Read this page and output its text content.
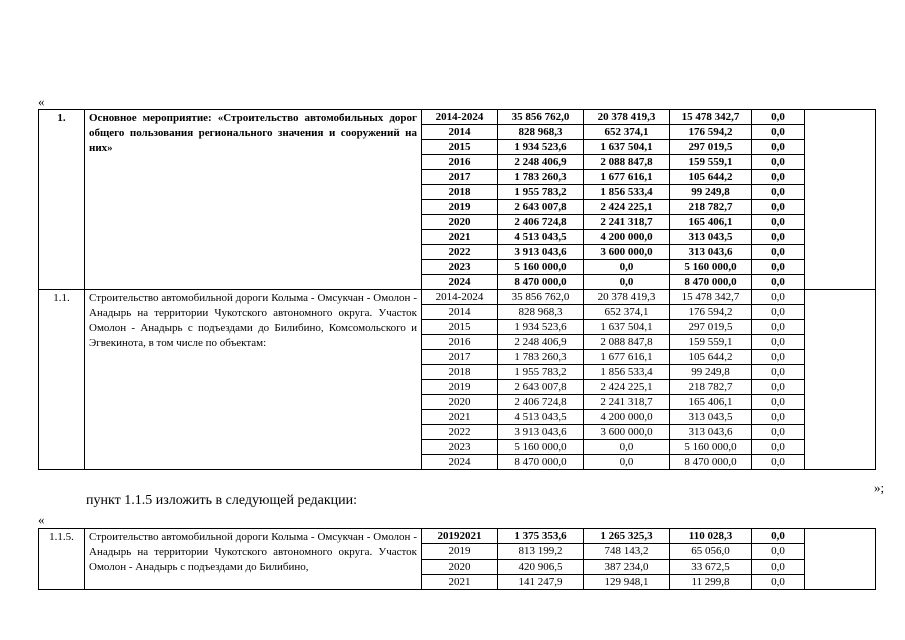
«
1.	Основное мероприятие: «Строительство автомобильных дорог общего пользования регионального значения и сооружений на них»	2014-2024	35 856 762,0	20 378 419,3	15 478 342,7	0,0		
		2014	828 968,3	652 374,1	176 594,2	0,0		
		2015	1 934 523,6	1 637 504,1	297 019,5	0,0		
		2016	2 248 406,9	2 088 847,8	159 559,1	0,0		
		2017	1 783 260,3	1 677 616,1	105 644,2	0,0		
		2018	1 955 783,2	1 856 533,4	99 249,8	0,0		
		2019	2 643 007,8	2 424 225,1	218 782,7	0,0		
		2020	2 406 724,8	2 241 318,7	165 406,1	0,0		
		2021	4 513 043,5	4 200 000,0	313 043,5	0,0		
		2022	3 913 043,6	3 600 000,0	313 043,6	0,0		
		2023	5 160 000,0	0,0	5 160 000,0	0,0		
		2024	8 470 000,0	0,0	8 470 000,0	0,0		
1.1.	Строительство автомобильной дороги Колыма - Омсукчан - Омолон - Анадырь на территории Чукотского автономного округа. Участок Омолон - Анадырь с подъездами до Билибино, Комсомольского и Эгвекинота, в том числе по объектам:	2014-2024	35 856 762,0	20 378 419,3	15 478 342,7	0,0		
		2014	828 968,3	652 374,1	176 594,2	0,0		
		2015	1 934 523,6	1 637 504,1	297 019,5	0,0		
		2016	2 248 406,9	2 088 847,8	159 559,1	0,0		
		2017	1 783 260,3	1 677 616,1	105 644,2	0,0		
		2018	1 955 783,2	1 856 533,4	99 249,8	0,0		
		2019	2 643 007,8	2 424 225,1	218 782,7	0,0		
		2020	2 406 724,8	2 241 318,7	165 406,1	0,0		
		2021	4 513 043,5	4 200 000,0	313 043,5	0,0		
		2022	3 913 043,6	3 600 000,0	313 043,6	0,0		
		2023	5 160 000,0	0,0	5 160 000,0	0,0		
		2024	8 470 000,0	0,0	8 470 000,0	0,0		
»;
пункт 1.1.5 изложить в следующей редакции:
«
1.1.5.	Строительство автомобильной дороги Колыма - Омсукчан - Омолон - Анадырь на территории Чукотского автономного округа. Участок Омолон - Анадырь с подъездами до Билибино,	20192021	1 375 353,6	1 265 325,3	110 028,3	0,0		
		2019	813 199,2	748 143,2	65 056,0	0,0		
		2020	420 906,5	387 234,0	33 672,5	0,0		
		2021	141 247,9	129 948,1	11 299,8	0,0		
